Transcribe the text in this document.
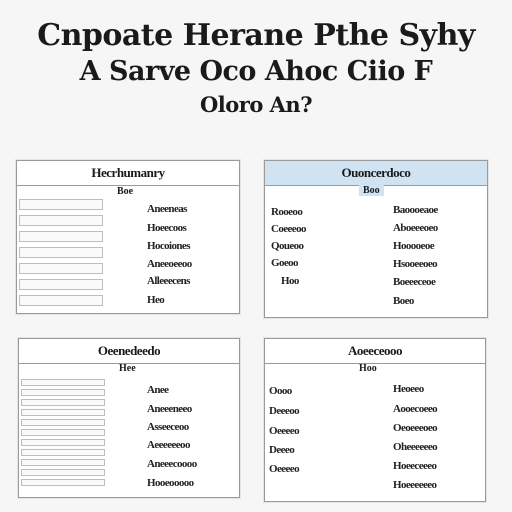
Cnpoate Herane Pthe Syhy
A Sarve Oco Ahoc Ciio F
Oloro An?
Hecrhumanry
Boe
Aneeneas
Hoeecoos
Hocoiones
Aneeoeeoo
Alleeecens
Heo
Ouoncerdoco
Boo
Rooeoo
Coeeeoo
Qoueoo
Goeoo
Hoo
Baoooeaoe
Aboeeeoeo
Hooooeoe
Hsooeeoeo
Boeeeceoe
Boeo
Oeenedeedo
Hee
Anee
Aneeeneeo
Asseeceoo
Aeeeeeeoo
Aneeecoooo
Hooeooooo
Aoeeceooo
Hoo
Oooo
Deeeoo
Oeeeeo
Deeeo
Oeeeeo
Heoeeo
Aooecoeeo
Oeoeeeoeo
Oheeeeeeo
Hoeeceeeo
Hoeeeeeeo
